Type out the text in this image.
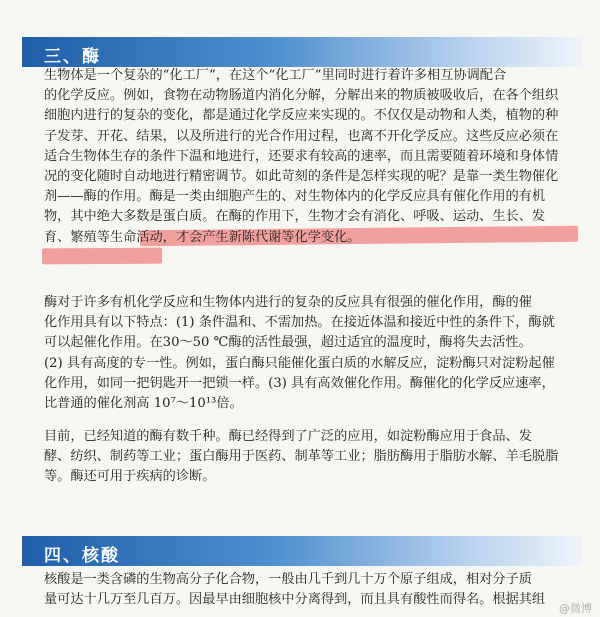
三、酶
生物体是一个复杂的“化工厂”，在这个“化工厂”里同时进行着许多相互协调配合
的化学反应。例如，食物在动物肠道内消化分解，分解出来的物质被吸收后，在各个组织
细胞内进行的复杂的变化，都是通过化学反应来实现的。不仅仅是动物和人类，植物的种
子发芽、开花、结果，以及所进行的光合作用过程，也离不开化学反应。这些反应必须在
适合生物体生存的条件下温和地进行，还要求有较高的速率，而且需要随着环境和身体情
况的变化随时自动地进行精密调节。如此苛刻的条件是怎样实现的呢？是靠一类生物催化
剂——酶的作用。酶是一类由细胞产生的、对生物体内的化学反应具有催化作用的有机
物，其中绝大多数是蛋白质。在酶的作用下，生物才会有消化、呼吸、运动、生长、发
育、繁殖等生命活动，才会产生新陈代谢等化学变化。
酶对于许多有机化学反应和生物体内进行的复杂的反应具有很强的催化作用，酶的催
化作用具有以下特点：(1) 条件温和、不需加热。在接近体温和接近中性的条件下，酶就
可以起催化作用。在30～50 ℃酶的活性最强，超过适宜的温度时，酶将失去活性。
(2) 具有高度的专一性。例如，蛋白酶只能催化蛋白质的水解反应，淀粉酶只对淀粉起催
化作用，如同一把钥匙开一把锁一样。(3) 具有高效催化作用。酶催化的化学反应速率，
比普通的催化剂高 10⁷～10¹³倍。
目前，已经知道的酶有数千种。酶已经得到了广泛的应用，如淀粉酶应用于食品、发
酵、纺织、制药等工业；蛋白酶用于医药、制革等工业；脂肪酶用于脂肪水解、羊毛脱脂
等。酶还可用于疾病的诊断。
四、核酸
核酸是一类含磷的生物高分子化合物，一般由几千到几十万个原子组成，相对分子质
量可达十几万至几百万。因最早由细胞核中分离得到，而且具有酸性而得名。根据其组
@微博
